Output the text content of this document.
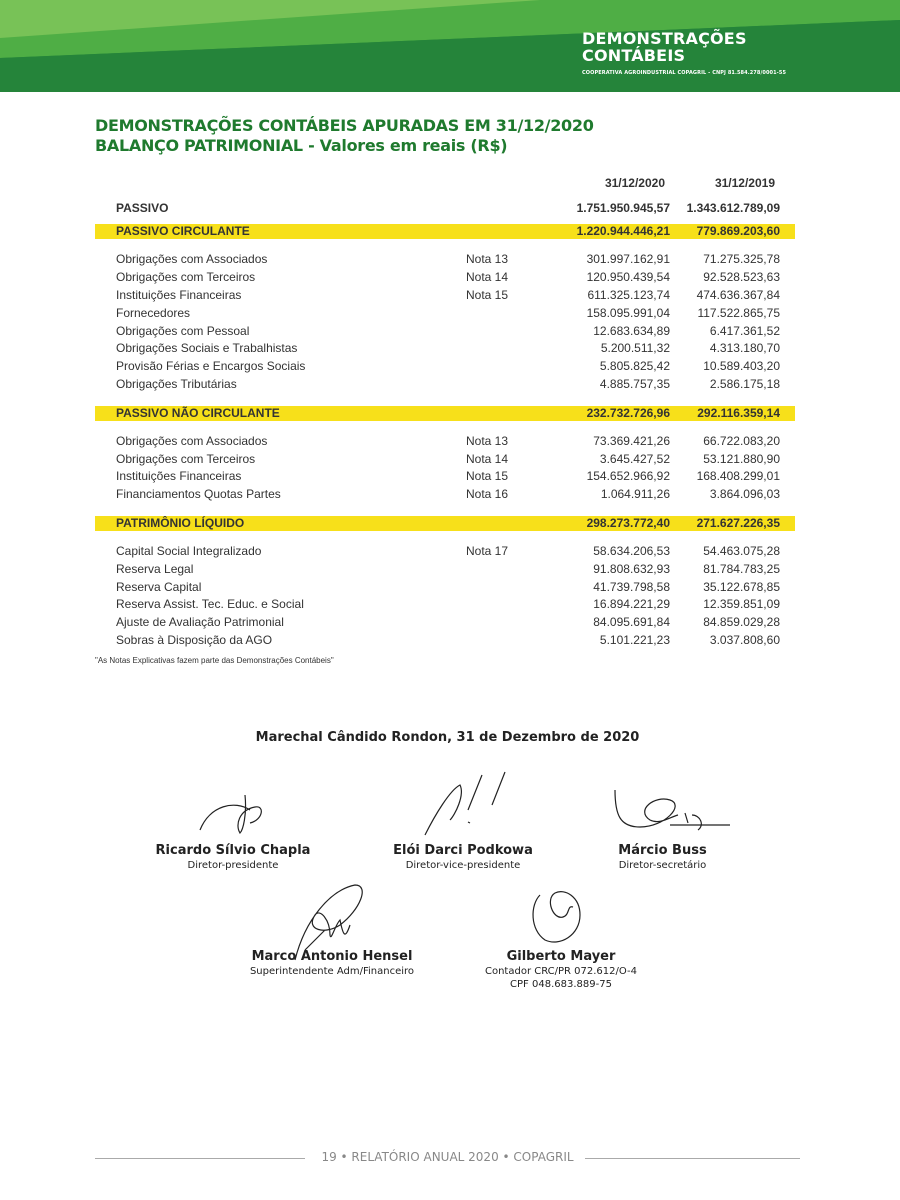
DEMONSTRAÇÕES
CONTÁBEIS
COOPERATIVA AGROINDUSTRIAL COPAGRIL - CNPJ 81.584.278/0001-55
DEMONSTRAÇÕES CONTÁBEIS APURADAS EM 31/12/2020
BALANÇO PATRIMONIAL - Valores em reais (R$)
31/12/2020	31/12/2019
PASSIVO	1.751.950.945,57 1.343.612.789,09
PASSIVO CIRCULANTE	1.220.944.446,21 779.869.203,60
Obrigações com Associados	Nota 13	301.997.162,91	71.275.325,78
Obrigações com Terceiros	Nota 14	120.950.439,54	92.528.523,63
Instituições Financeiras	Nota 15	611.325.123,74 474.636.367,84
Fornecedores	158.095.991,04 117.522.865,75
Obrigações com Pessoal	12.683.634,89	6.417.361,52
Obrigações Sociais e Trabalhistas	5.200.511,32	4.313.180,70
Provisão Férias e Encargos Sociais	5.805.825,42	10.589.403,20
Obrigações Tributárias	4.885.757,35	2.586.175,18
PASSIVO NÃO CIRCULANTE	232.732.726,96 292.116.359,14
Obrigações com Associados	Nota 13	73.369.421,26	66.722.083,20
Obrigações com Terceiros	Nota 14	3.645.427,52	53.121.880,90
Instituições Financeiras	Nota 15	154.652.966,92 168.408.299,01
Financiamentos Quotas Partes	Nota 16	1.064.911,26	3.864.096,03
PATRIMÔNIO LÍQUIDO	298.273.772,40 271.627.226,35
Capital Social Integralizado	Nota 17	58.634.206,53	54.463.075,28
Reserva Legal	91.808.632,93	81.784.783,25
Reserva Capital	41.739.798,58	35.122.678,85
Reserva Assist. Tec. Educ. e Social	16.894.221,29	12.359.851,09
Ajuste de Avaliação Patrimonial	84.095.691,84	84.859.029,28
Sobras à Disposição da AGO	5.101.221,23	3.037.808,60
"As Notas Explicativas fazem parte das Demonstrações Contábeis"
Marechal Cândido Rondon, 31 de Dezembro de 2020
Ricardo Sílvio Chapla
Diretor-presidente
Elói Darci Podkowa
Diretor-vice-presidente
Márcio Buss
Diretor-secretário
Marco Antonio Hensel
Superintendente Adm/Financeiro
Gilberto Mayer
Contador CRC/PR 072.612/O-4
CPF 048.683.889-75
19 • RELATÓRIO ANUAL 2020 • COPAGRIL
